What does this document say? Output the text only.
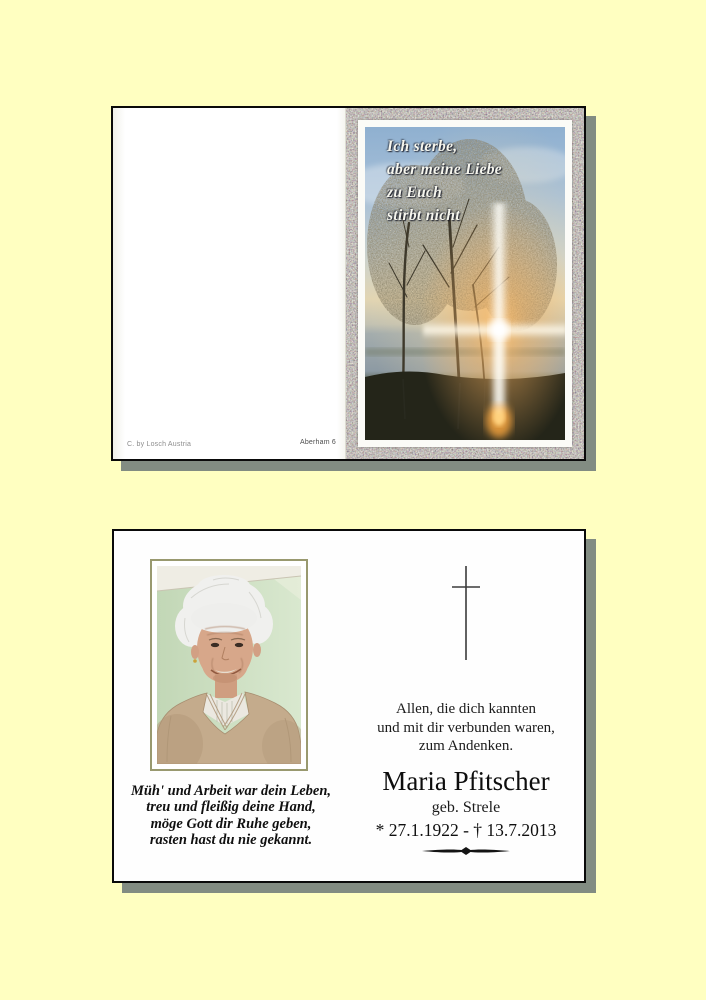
C. by Losch Austria	Aberham 6
Ich sterbe,
aber meine Liebe
zu Euch
stirbt nicht
Müh' und Arbeit war dein Leben,
treu und fleißig deine Hand,
möge Gott dir Ruhe geben,
rasten hast du nie gekannt.
Allen, die dich kannten
und mit dir verbunden waren,
zum Andenken.
Maria Pfitscher
geb. Strele
* 27.1.1922 - † 13.7.2013
